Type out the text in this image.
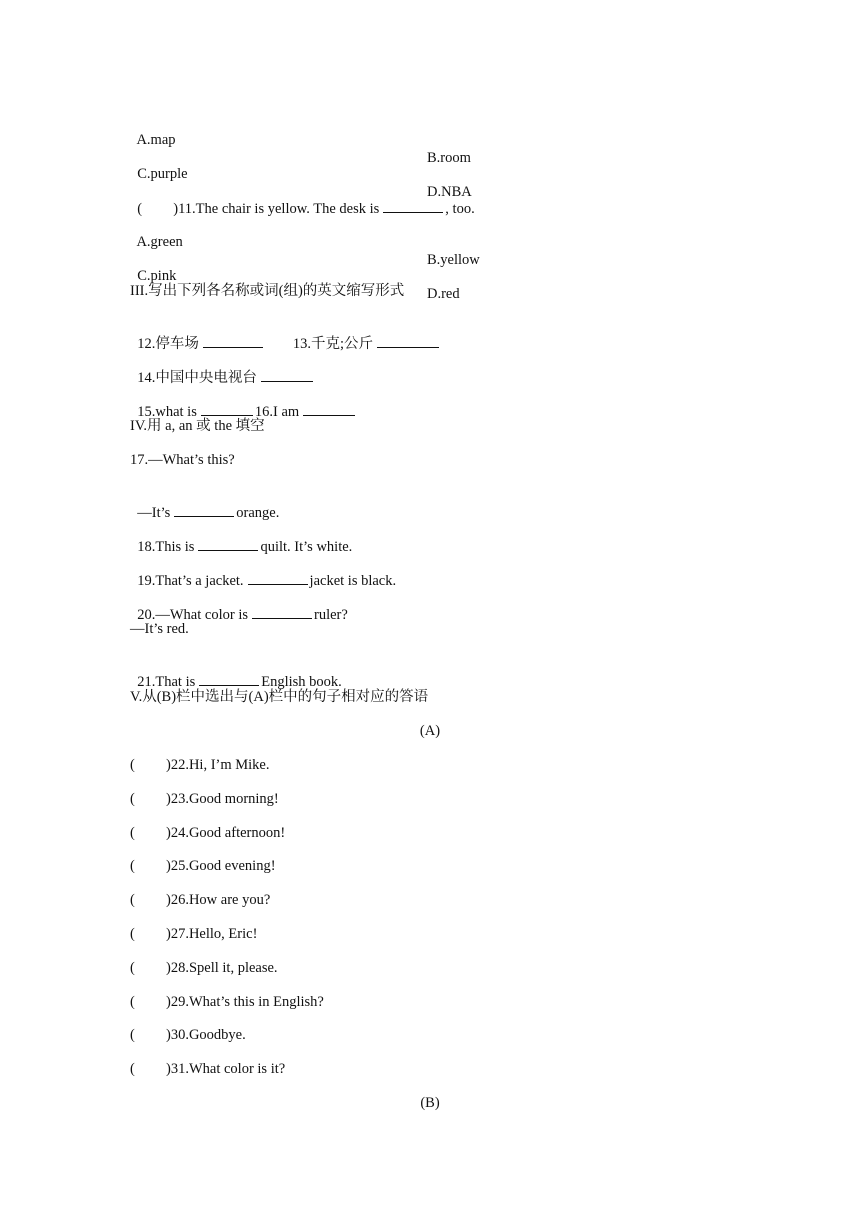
A.map

B.room

C.purple

D.NBA

( )11.The chair is yellow. The desk is	, too.

A.green

B.yellow

C.pink

D.red

III.写出下列各名称或词(组)的英文缩写形式

12.停车场	13.千克;公斤

14.中国中央电视台

15.what is	16.I am

IV.用 a, an 或 the 填空
17.—What’s this?

—It’s	orange.

18.This is	quilt. It’s white.

19.That’s a jacket.	jacket is black.

20.—What color is	ruler?

—It’s red.

21.That is	English book.

V.从(B)栏中选出与(A)栏中的句子相对应的答语
(A)
( )22.Hi, I’m Mike.
( )23.Good morning!
( )24.Good afternoon!
( )25.Good evening!
( )26.How are you?
( )27.Hello, Eric!
( )28.Spell it, please.
( )29.What’s this in English?
( )30.Goodbye.
( )31.What color is it?
(B)
